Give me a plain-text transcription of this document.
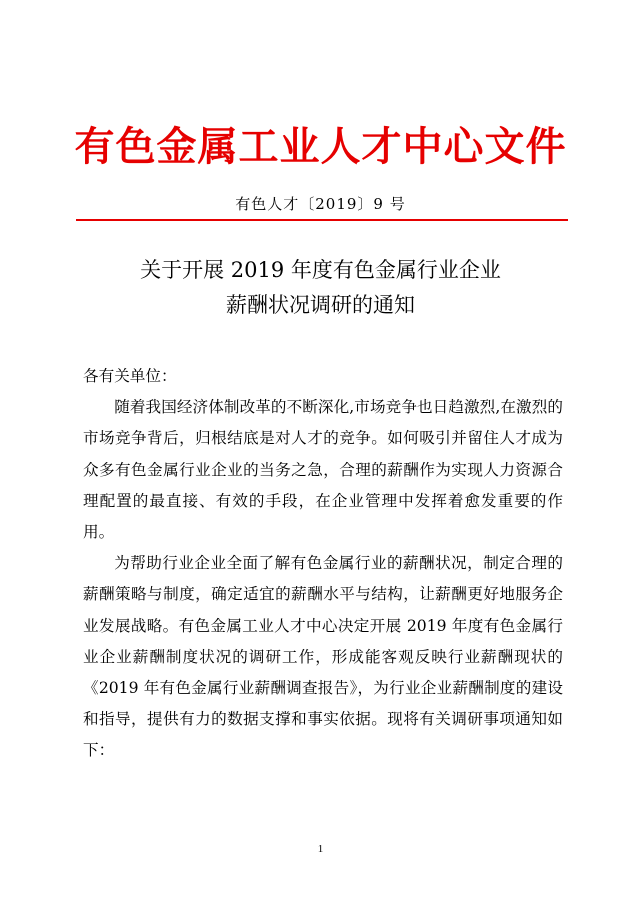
有色金属工业人才中心文件
有色人才〔2019〕9 号
关于开展 2019 年度有色金属行业企业
薪酬状况调研的通知

各有关单位：

随着我国经济体制改革的不断深化,市场竞争也日趋激烈,在激烈的市场竞争背后，归根结底是对人才的竞争。如何吸引并留住人才成为众多有色金属行业企业的当务之急，合理的薪酬作为实现人力资源合理配置的最直接、有效的手段，在企业管理中发挥着愈发重要的作用。

为帮助行业企业全面了解有色金属行业的薪酬状况，制定合理的薪酬策略与制度，确定适宜的薪酬水平与结构，让薪酬更好地服务企业发展战略。有色金属工业人才中心决定开展 2019 年度有色金属行业企业薪酬制度状况的调研工作，形成能客观反映行业薪酬现状的《2019 年有色金属行业薪酬调查报告》，为行业企业薪酬制度的建设和指导，提供有力的数据支撑和事实依据。现将有关调研事项通知如下：

1
